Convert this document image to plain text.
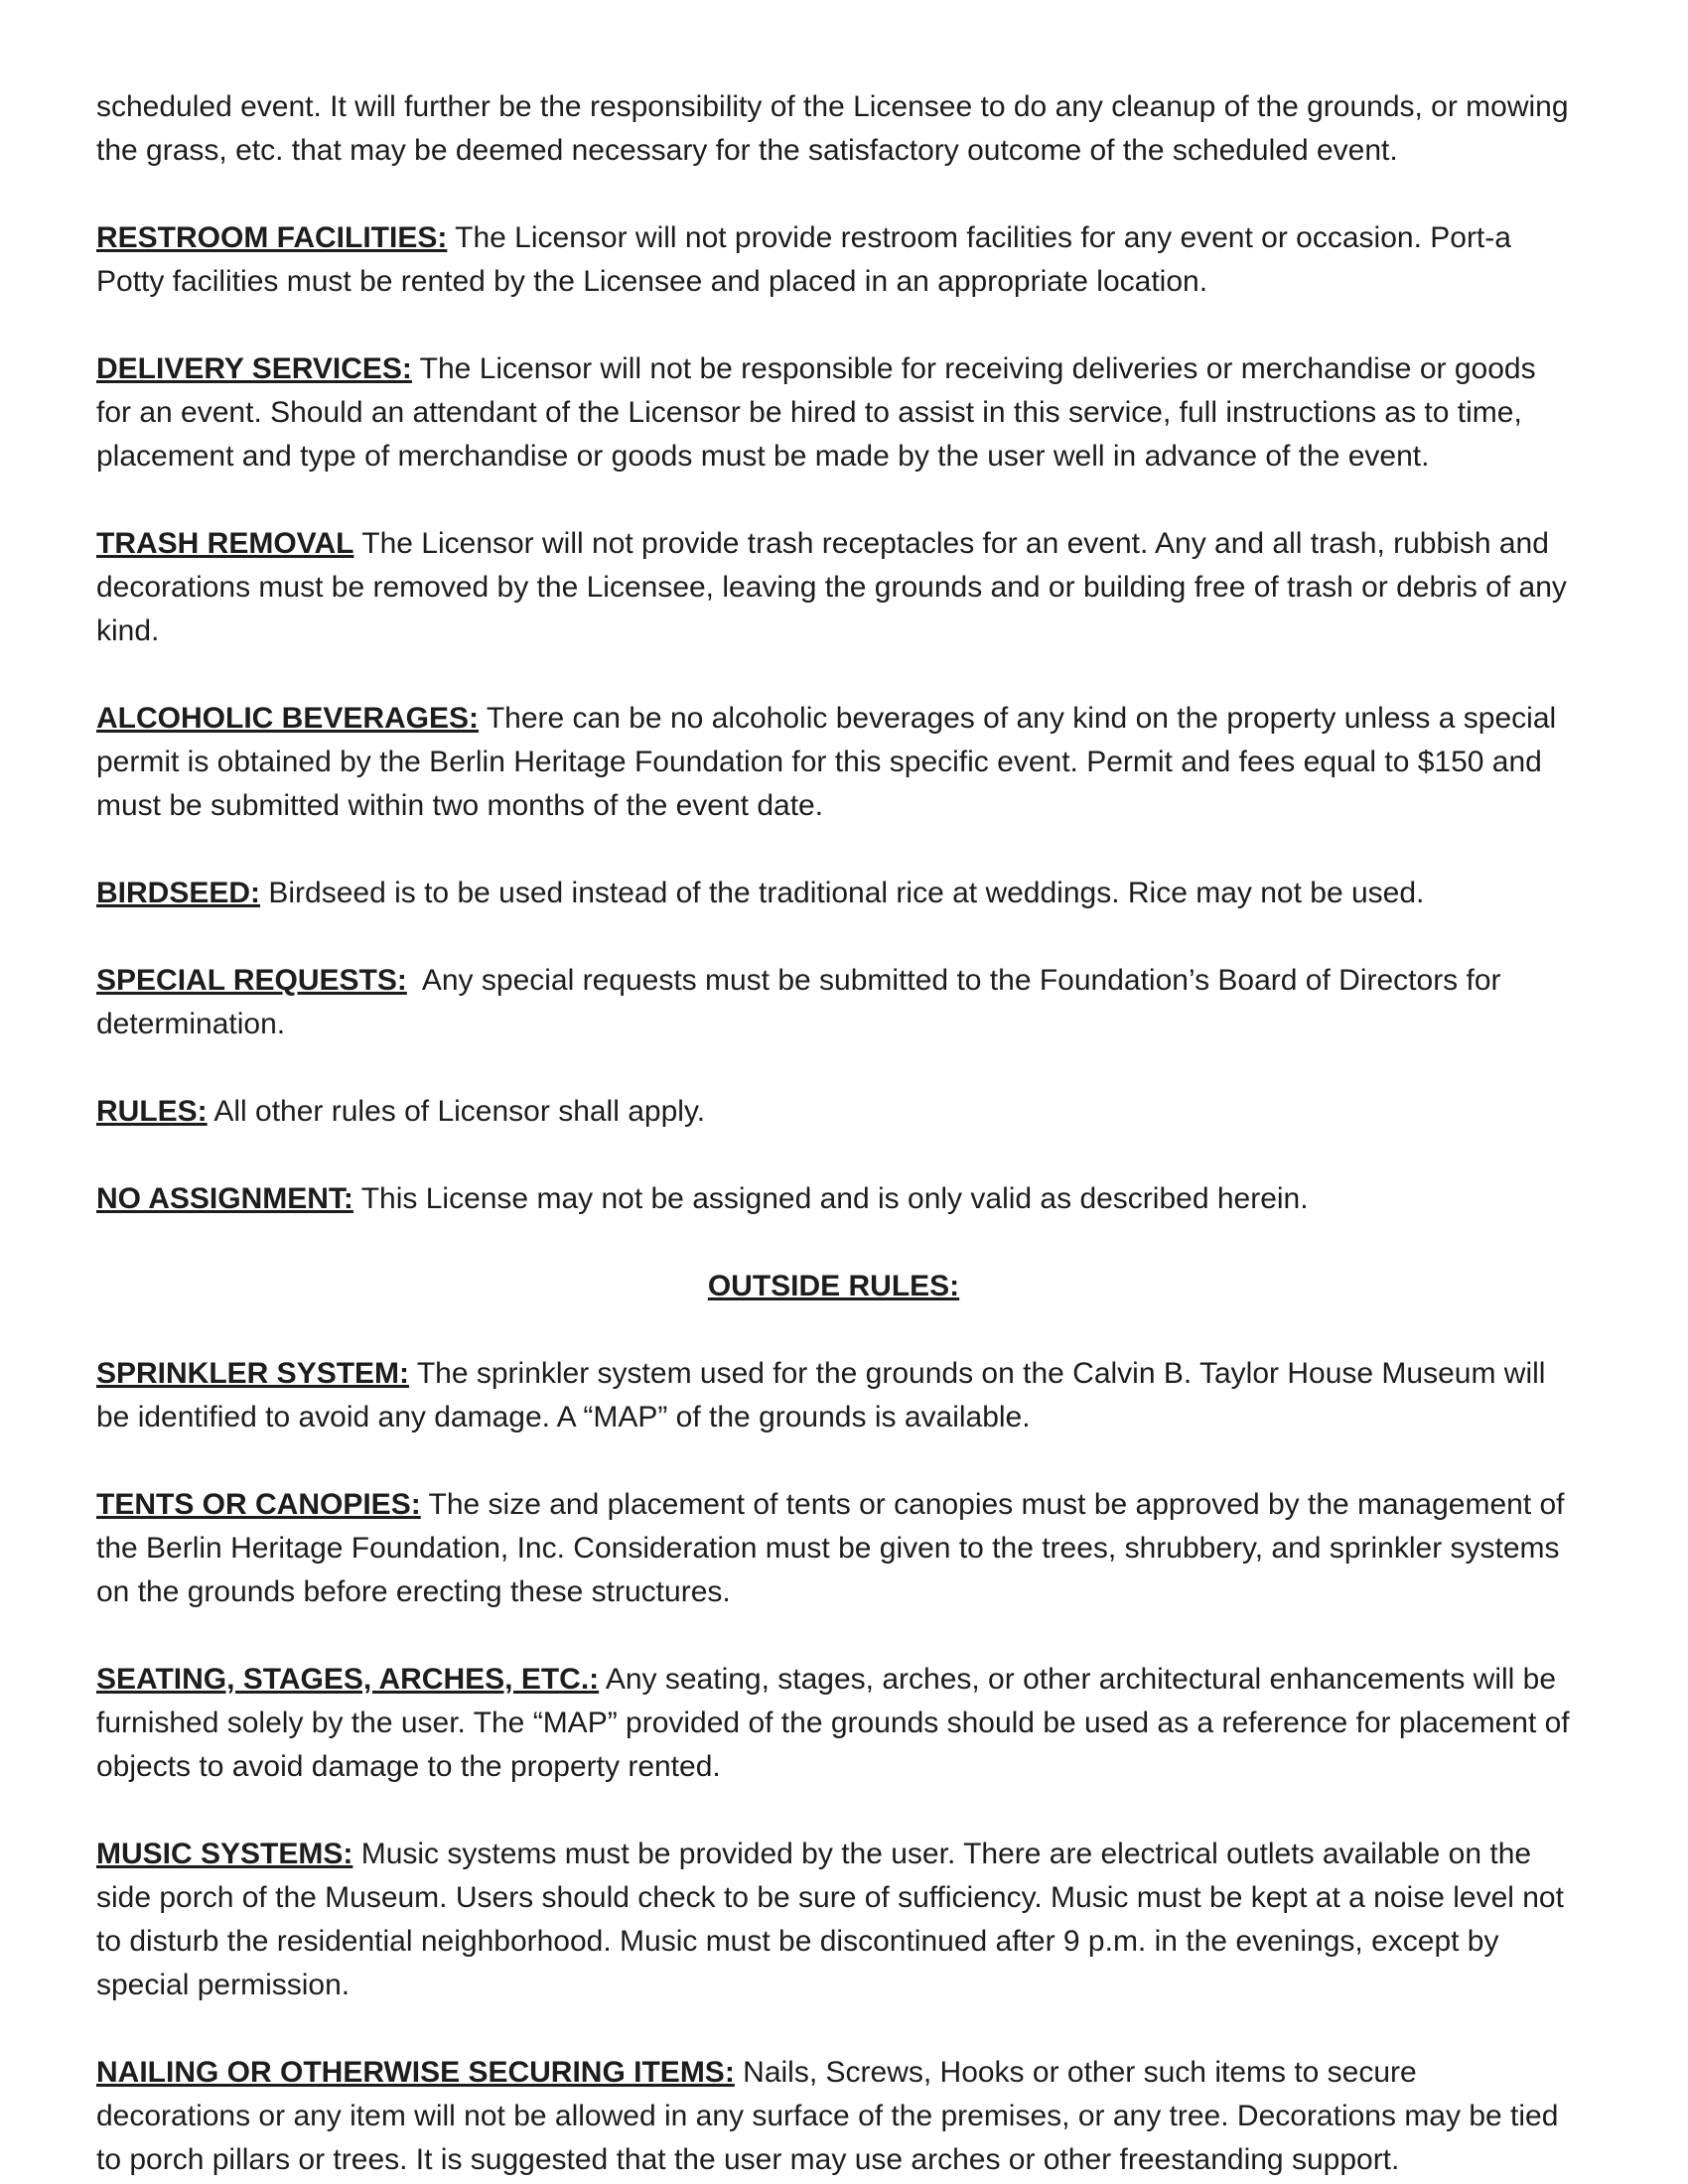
scheduled event. It will further be the responsibility of the Licensee to do any cleanup of the grounds, or mowing the grass, etc. that may be deemed necessary for the satisfactory outcome of the scheduled event.

RESTROOM FACILITIES: The Licensor will not provide restroom facilities for any event or occasion. Port-a Potty facilities must be rented by the Licensee and placed in an appropriate location.

DELIVERY SERVICES: The Licensor will not be responsible for receiving deliveries or merchandise or goods for an event. Should an attendant of the Licensor be hired to assist in this service, full instructions as to time, placement and type of merchandise or goods must be made by the user well in advance of the event.

TRASH REMOVAL The Licensor will not provide trash receptacles for an event. Any and all trash, rubbish and decorations must be removed by the Licensee, leaving the grounds and or building free of trash or debris of any kind.

ALCOHOLIC BEVERAGES: There can be no alcoholic beverages of any kind on the property unless a special permit is obtained by the Berlin Heritage Foundation for this specific event. Permit and fees equal to $150 and must be submitted within two months of the event date.

BIRDSEED: Birdseed is to be used instead of the traditional rice at weddings. Rice may not be used.

SPECIAL REQUESTS: Any special requests must be submitted to the Foundation’s Board of Directors for determination.

RULES: All other rules of Licensor shall apply.

NO ASSIGNMENT: This License may not be assigned and is only valid as described herein.

OUTSIDE RULES:

SPRINKLER SYSTEM: The sprinkler system used for the grounds on the Calvin B. Taylor House Museum will be identified to avoid any damage. A “MAP” of the grounds is available.

TENTS OR CANOPIES: The size and placement of tents or canopies must be approved by the management of the Berlin Heritage Foundation, Inc. Consideration must be given to the trees, shrubbery, and sprinkler systems on the grounds before erecting these structures.

SEATING, STAGES, ARCHES, ETC.: Any seating, stages, arches, or other architectural enhancements will be furnished solely by the user. The “MAP” provided of the grounds should be used as a reference for placement of objects to avoid damage to the property rented.

MUSIC SYSTEMS: Music systems must be provided by the user. There are electrical outlets available on the side porch of the Museum. Users should check to be sure of sufficiency. Music must be kept at a noise level not to disturb the residential neighborhood. Music must be discontinued after 9 p.m. in the evenings, except by special permission.

NAILING OR OTHERWISE SECURING ITEMS: Nails, Screws, Hooks or other such items to secure decorations or any item will not be allowed in any surface of the premises, or any tree. Decorations may be tied to porch pillars or trees. It is suggested that the user may use arches or other freestanding support.
